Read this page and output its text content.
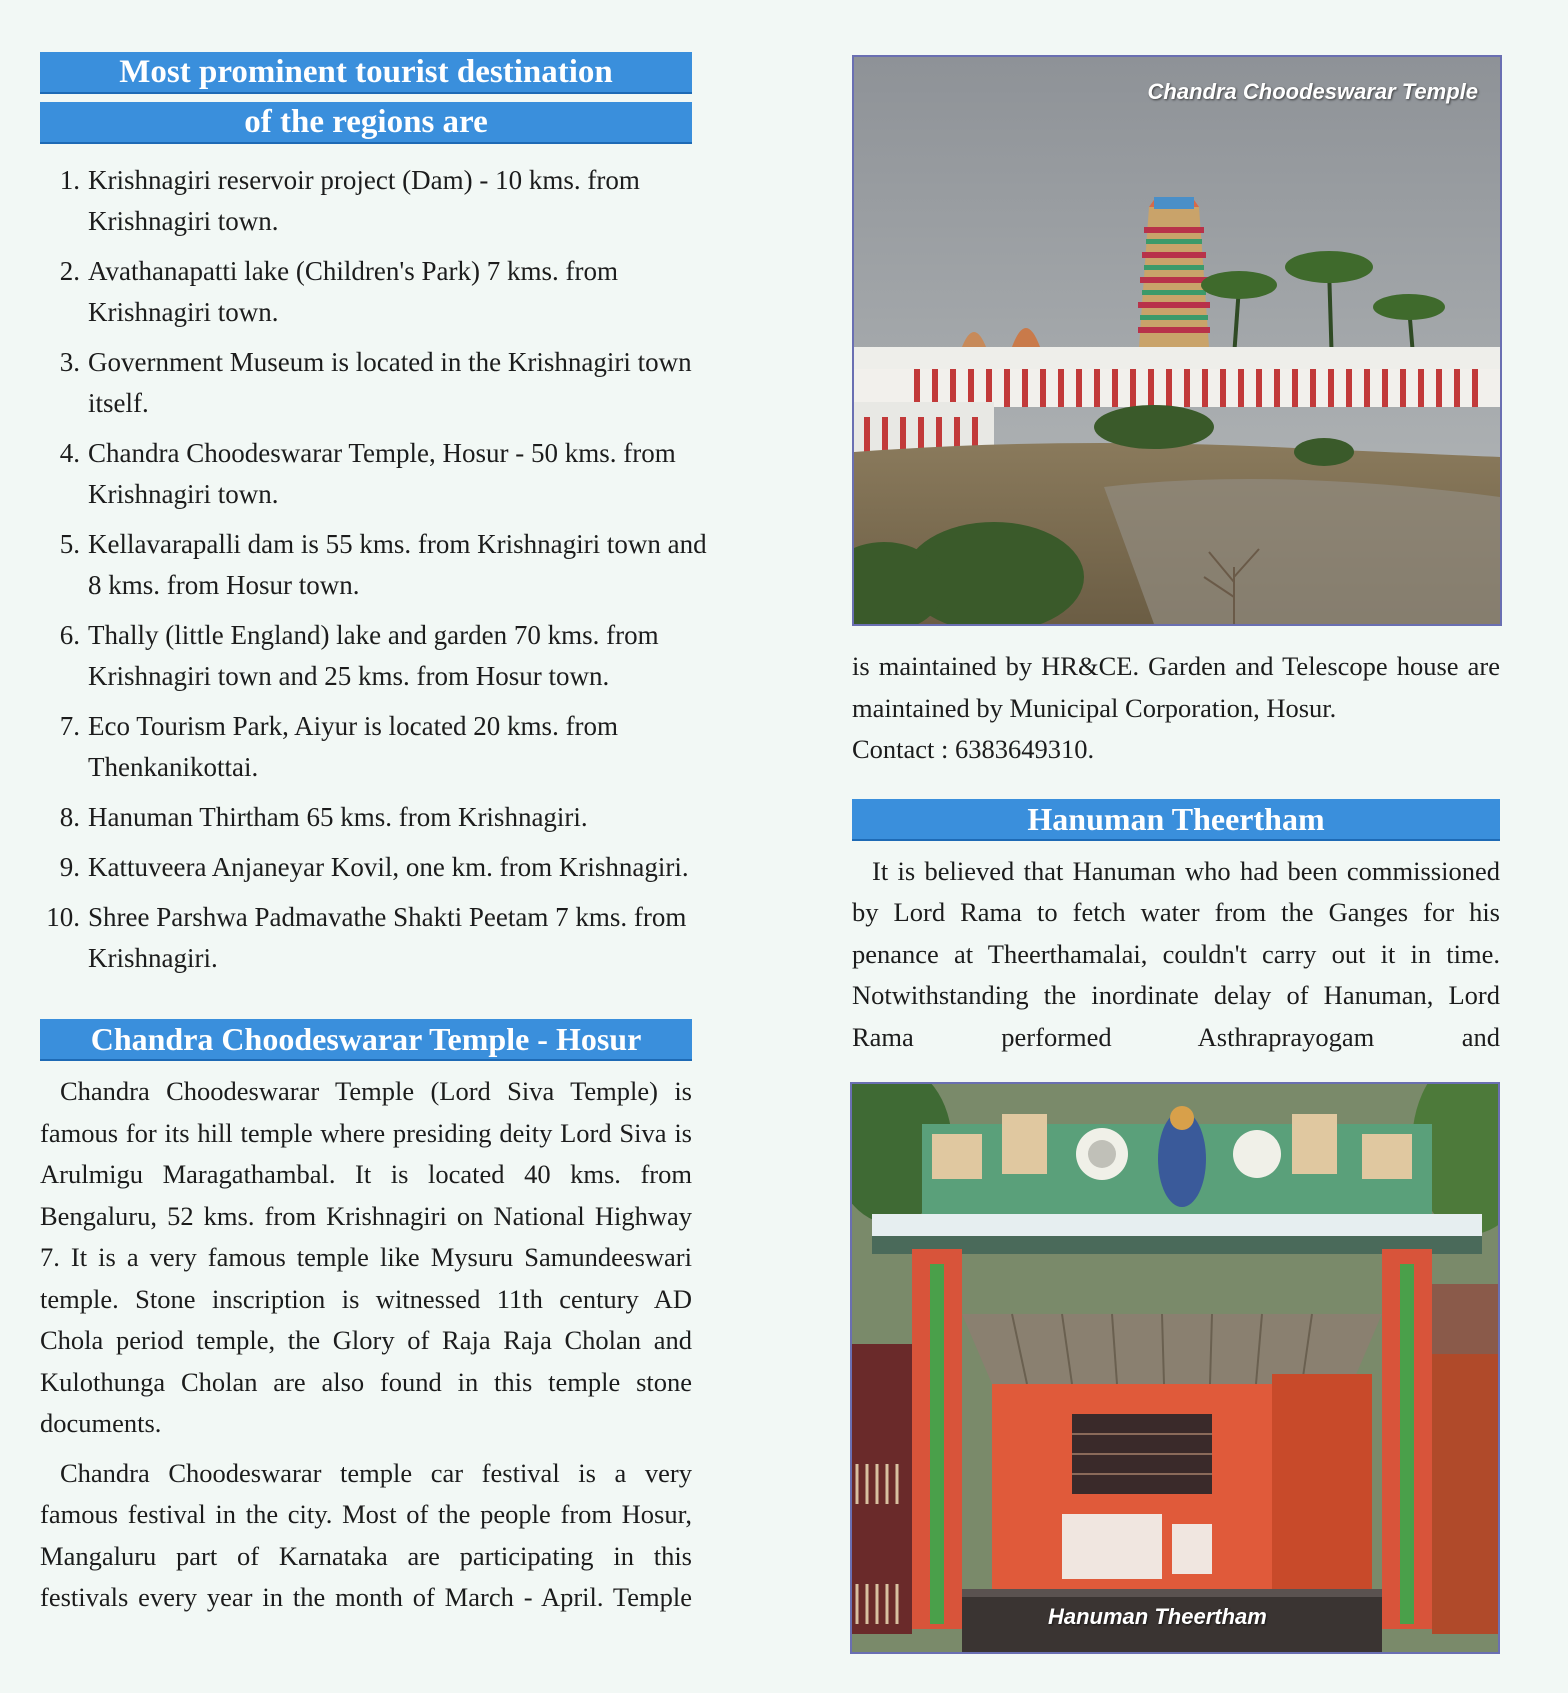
Most prominent tourist destination
of the regions are
1. Krishnagiri reservoir project (Dam) - 10 kms. from Krishnagiri town.
2. Avathanapatti lake (Children's Park) 7 kms. from Krishnagiri town.
3. Government Museum is located in the Krishnagiri town itself.
4. Chandra Choodeswarar Temple, Hosur - 50 kms. from Krishnagiri town.
5. Kellavarapalli dam is 55 kms. from Krishnagiri town and 8 kms. from Hosur town.
6. Thally (little England) lake and garden 70 kms. from Krishnagiri town and 25 kms. from Hosur town.
7. Eco Tourism Park, Aiyur is located 20 kms. from Thenkanikottai.
8. Hanuman Thirtham 65 kms. from Krishnagiri.
9. Kattuveera Anjaneyar Kovil, one km. from Krishnagiri.
10. Shree Parshwa Padmavathe Shakti Peetam 7 kms. from Krishnagiri.
Chandra Choodeswarar Temple - Hosur

Chandra Choodeswarar Temple (Lord Siva Temple) is famous for its hill temple where presiding deity Lord Siva is Arulmigu Maragathambal. It is located 40 kms. from Bengaluru, 52 kms. from Krishnagiri on National Highway 7. It is a very famous temple like Mysuru Samundeeswari temple. Stone inscription is witnessed 11th century AD Chola period temple, the Glory of Raja Raja Cholan and Kulothunga Cholan are also found in this temple stone documents.

Chandra Choodeswarar temple car festival is a very famous festival in the city. Most of the people from Hosur, Mangaluru part of Karnataka are participating in this festivals every year in the month of March - April. Temple

Chandra Choodeswarar Temple

is maintained by HR&CE. Garden and Telescope house are maintained by Municipal Corporation, Hosur.

Contact : 6383649310.

Hanuman Theertham

It is believed that Hanuman who had been commissioned by Lord Rama to fetch water from the Ganges for his penance at Theerthamalai, couldn't carry out it in time. Notwithstanding the inordinate delay of Hanuman, Lord Rama performed Asthraprayogam and

Hanuman Theertham
